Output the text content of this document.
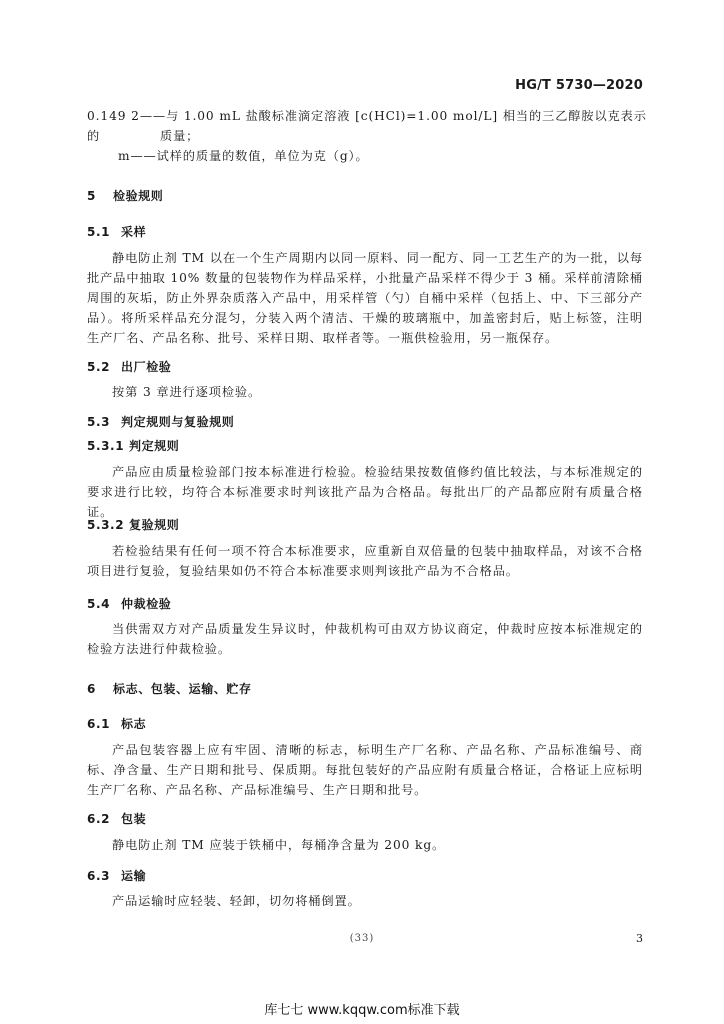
HG/T 5730—2020
0.149 2——与 1.00 mL 盐酸标准滴定溶液 [c(HCl)=1.00 mol/L] 相当的三乙醇胺以克表示的	质量；
m——试样的质量的数值，单位为克（g）。
5 检验规则
5.1 采样
静电防止剂 TM 以在一个生产周期内以同一原料、同一配方、同一工艺生产的为一批，以每批产品中抽取 10% 数量的包装物作为样品采样，小批量产品采样不得少于 3 桶。采样前清除桶周围的灰垢，防止外界杂质落入产品中，用采样管（勺）自桶中采样（包括上、中、下三部分产品）。将所采样品充分混匀，分装入两个清洁、干燥的玻璃瓶中，加盖密封后，贴上标签，注明生产厂名、产品名称、批号、采样日期、取样者等。一瓶供检验用，另一瓶保存。
5.2 出厂检验
按第 3 章进行逐项检验。
5.3 判定规则与复验规则
5.3.1 判定规则
产品应由质量检验部门按本标准进行检验。检验结果按数值修约值比较法，与本标准规定的要求进行比较，均符合本标准要求时判该批产品为合格品。每批出厂的产品都应附有质量合格证。
5.3.2 复验规则
若检验结果有任何一项不符合本标准要求，应重新自双倍量的包装中抽取样品，对该不合格项目进行复验，复验结果如仍不符合本标准要求则判该批产品为不合格品。
5.4 仲裁检验
当供需双方对产品质量发生异议时，仲裁机构可由双方协议商定，仲裁时应按本标准规定的检验方法进行仲裁检验。
6 标志、包装、运输、贮存
6.1 标志
产品包装容器上应有牢固、清晰的标志，标明生产厂名称、产品名称、产品标准编号、商标、净含量、生产日期和批号、保质期。每批包装好的产品应附有质量合格证，合格证上应标明生产厂名称、产品名称、产品标准编号、生产日期和批号。
6.2 包装
静电防止剂 TM 应装于铁桶中，每桶净含量为 200 kg。
6.3 运输
产品运输时应轻装、轻卸，切勿将桶倒置。
(33)	3
库七七 www.kqqw.com标准下载
